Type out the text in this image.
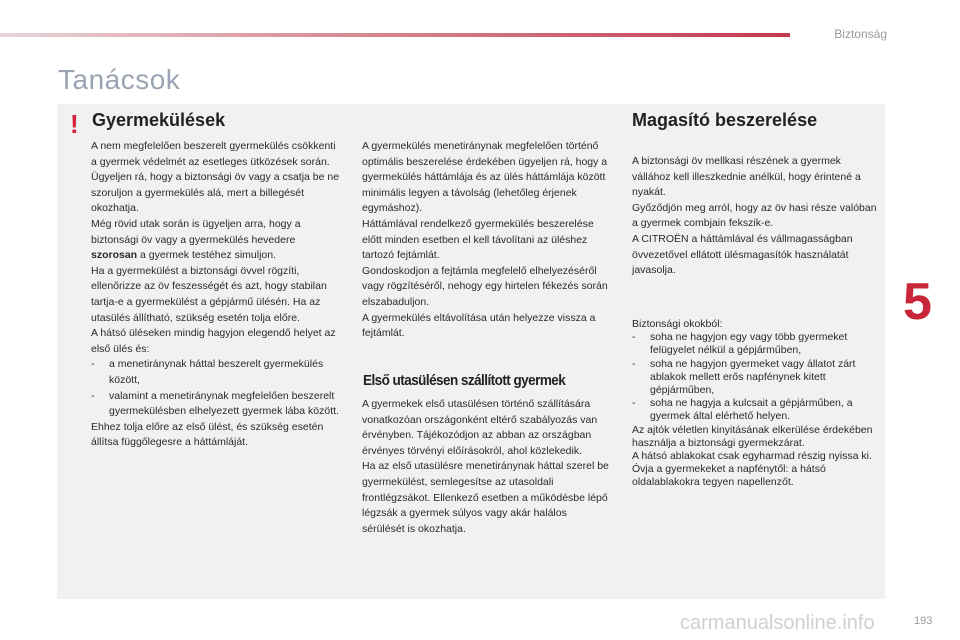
Biztonság
Tanácsok
! Gyermekülések

A nem megfelelően beszerelt gyermekülés csökkenti a gyermek védelmét az esetleges ütközések során.

Ügyeljen rá, hogy a biztonsági öv vagy a csatja be ne szoruljon a gyermekülés alá, mert a billegését okozhatja.

Még rövid utak során is ügyeljen arra, hogy a biztonsági öv vagy a gyermekülés hevedere szorosan a gyermek testéhez simuljon.

Ha a gyermekülést a biztonsági övvel rögzíti, ellenőrizze az öv feszességét és azt, hogy stabilan tartja-e a gyermekülést a gépjármű ülésén. Ha az utasülés állítható, szükség esetén tolja előre.

A hátsó üléseken mindig hagyjon elegendő helyet az első ülés és:

-	a menetiránynak háttal beszerelt gyermekülés között,
-	valamint a menetiránynak megfelelően beszerelt gyermekülésben elhelyezett gyermek lába között.

Ehhez tolja előre az első ülést, és szükség esetén állítsa függőlegesre a háttámláját.

A gyermekülés menetiránynak megfelelően történő optimális beszerelése érdekében ügyeljen rá, hogy a gyermekülés háttámlája és az ülés háttámlája között minimális legyen a távolság (lehetőleg érjenek egymáshoz).

Háttámlával rendelkező gyermekülés beszerelése előtt minden esetben el kell távolítani az üléshez tartozó fejtámlát.

Gondoskodjon a fejtámla megfelelő elhelyezéséről vagy rögzítéséről, nehogy egy hirtelen fékezés során elszabaduljon.

A gyermekülés eltávolítása után helyezze vissza a fejtámlát.

Első utasülésen szállított gyermek

A gyermekek első utasülésen történő szállítására vonatkozóan országonként eltérő szabályozás van érvényben. Tájékozódjon az abban az országban érvényes törvényi előírásokról, ahol közlekedik.

Ha az első utasülésre menetiránynak háttal szerel be gyermekülést, semlegesítse az utasoldali frontlégzsákot. Ellenkező esetben a működésbe lépő légzsák a gyermek súlyos vagy akár halálos sérülését is okozhatja.

Magasító beszerelése

A biztonsági öv mellkasi részének a gyermek vállához kell illeszkednie anélkül, hogy érintené a nyakát.

Győződjön meg arról, hogy az öv hasi része valóban a gyermek combjain fekszik-e.

A CITROËN a háttámlával és vállmagasságban övvezetővel ellátott ülésmagasítók használatát javasolja.

Biztonsági okokból:

-	soha ne hagyjon egy vagy több gyermeket felügyelet nélkül a gépjárműben,
-	soha ne hagyjon gyermeket vagy állatot zárt ablakok mellett erős napfénynek kitett gépjárműben,
-	soha ne hagyja a kulcsait a gépjárműben, a gyermek által elérhető helyen.

Az ajtók véletlen kinyitásának elkerülése érdekében használja a biztonsági gyermekzárat.

A hátsó ablakokat csak egyharmad részig nyissa ki.

Óvja a gyermekeket a napfénytől: a hátsó oldalablakokra tegyen napellenzőt.

5
carmanualsonline.info	193
